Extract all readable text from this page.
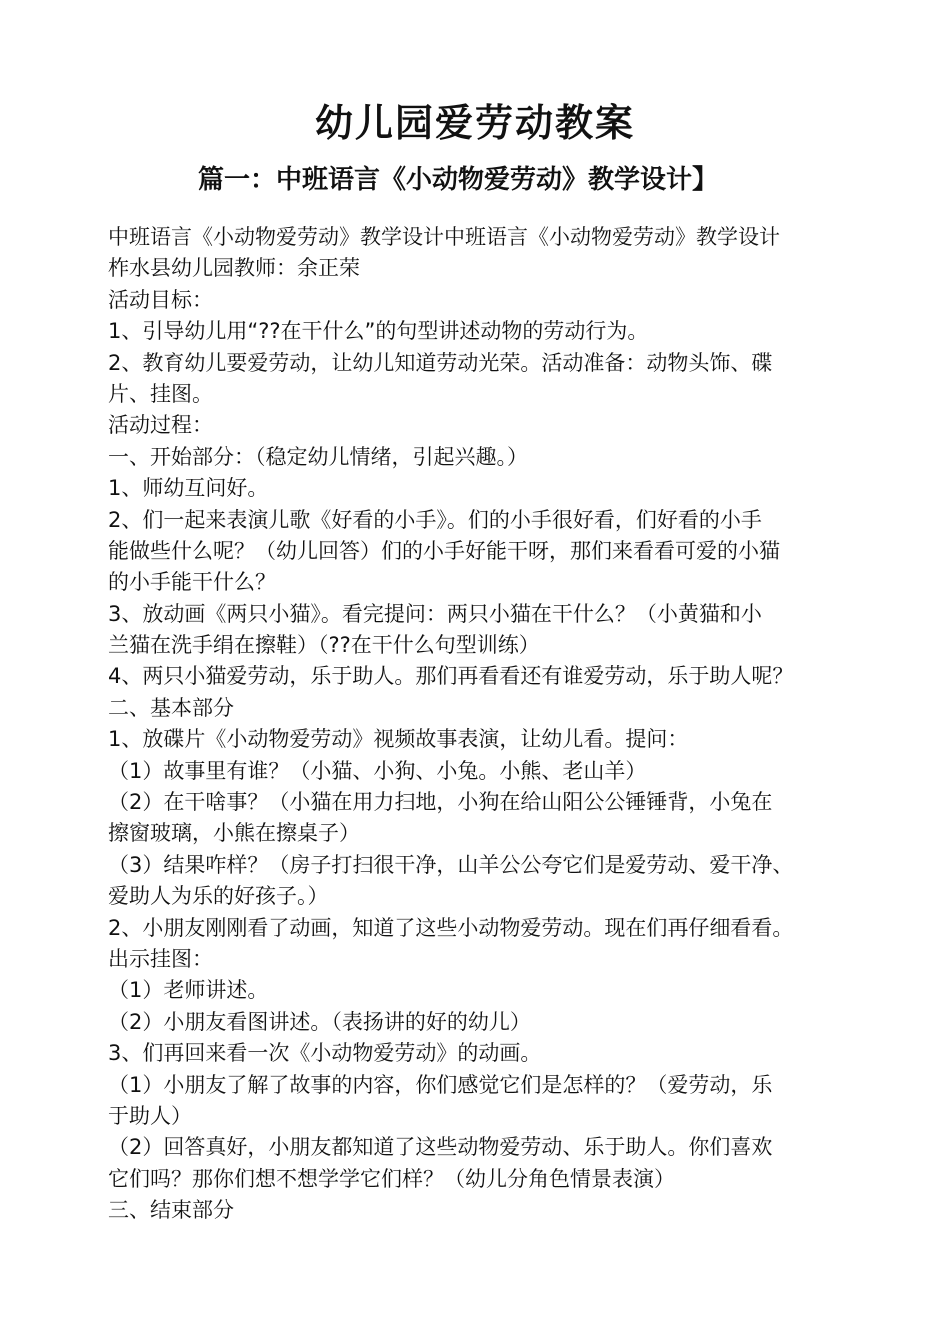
幼儿园爱劳动教案
篇一：中班语言《小动物爱劳动》教学设计】
中班语言《小动物爱劳动》教学设计中班语言《小动物爱劳动》教学设计
柞水县幼儿园教师：余正荣
活动目标：
1、引导幼儿用“??在干什么”的句型讲述动物的劳动行为。
2、教育幼儿要爱劳动，让幼儿知道劳动光荣。活动准备：动物头饰、碟
片、挂图。
活动过程：
一、开始部分：（稳定幼儿情绪，引起兴趣。）
1、师幼互问好。
2、们一起来表演儿歌《好看的小手》。们的小手很好看，们好看的小手
能做些什么呢？（幼儿回答）们的小手好能干呀，那们来看看可爱的小猫
的小手能干什么？
3、放动画《两只小猫》。看完提问：两只小猫在干什么？（小黄猫和小
兰猫在洗手绢在擦鞋）（??在干什么句型训练）
4、两只小猫爱劳动，乐于助人。那们再看看还有谁爱劳动，乐于助人呢？
二、基本部分
1、放碟片《小动物爱劳动》视频故事表演，让幼儿看。提问：
（1）故事里有谁？（小猫、小狗、小兔。小熊、老山羊）
（2）在干啥事？（小猫在用力扫地，小狗在给山阳公公锤锤背，小兔在
擦窗玻璃，小熊在擦桌子）
（3）结果咋样？（房子打扫很干净，山羊公公夸它们是爱劳动、爱干净、
爱助人为乐的好孩子。）
2、小朋友刚刚看了动画，知道了这些小动物爱劳动。现在们再仔细看看。
出示挂图：
（1）老师讲述。
（2）小朋友看图讲述。（表扬讲的好的幼儿）
3、们再回来看一次《小动物爱劳动》的动画。
（1）小朋友了解了故事的内容，你们感觉它们是怎样的？（爱劳动，乐
于助人）
（2）回答真好，小朋友都知道了这些动物爱劳动、乐于助人。你们喜欢
它们吗？那你们想不想学学它们样？（幼儿分角色情景表演）
三、结束部分
